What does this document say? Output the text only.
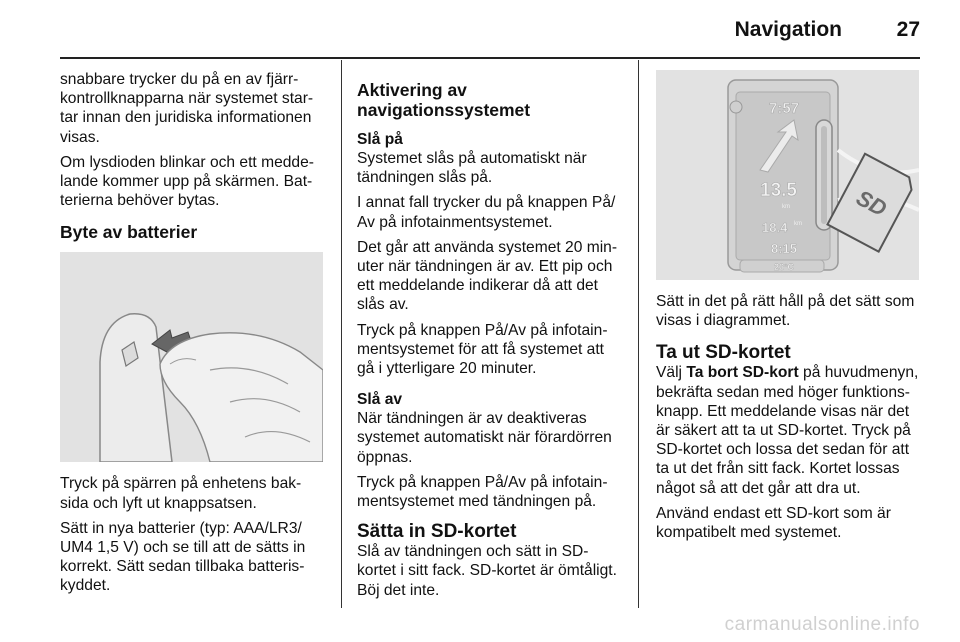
Navigation	27

snabbare trycker du på en av fjärr-kontrollknapparna när systemet star-tar innan den juridiska informationen visas.

Om lysdioden blinkar och ett medde-lande kommer upp på skärmen. Bat-terierna behöver bytas.

Byte av batterier

Tryck på spärren på enhetens bak-sida och lyft ut knappsatsen.

Sätt in nya batterier (typ: AAA/LR3/ UM4 1,5 V) och se till att de sätts in korrekt. Sätt sedan tillbaka batteris-kyddet.

Aktivering av navigationssystemet
Slå på

Systemet slås på automatiskt när tändningen slås på.

I annat fall trycker du på knappen På/ Av på infotainmentsystemet.

Det går att använda systemet 20 min-uter när tändningen är av. Ett pip och ett meddelande indikerar då att det slås av.

Tryck på knappen På/Av på infotain-mentsystemet för att få systemet att gå i ytterligare 20 minuter.

Slå av

När tändningen är av deaktiveras systemet automatiskt när förardörren öppnas.

Tryck på knappen På/Av på infotain-mentsystemet med tändningen på.

Sätta in SD-kortet

Slå av tändningen och sätt in SD-kortet i sitt fack. SD-kortet är ömtåligt. Böj det inte.

7:57
13.5
km
18.4 km
8:15
26°C
SD

Sätt in det på rätt håll på det sätt som visas i diagrammet.

Ta ut SD-kortet

Välj Ta bort SD-kort på huvudmenyn, bekräfta sedan med höger funktions-knapp. Ett meddelande visas när det är säkert att ta ut SD-kortet. Tryck på SD-kortet och lossa det sedan för att ta ut det från sitt fack. Kortet lossas något så att det går att dra ut.

Använd endast ett SD-kort som är kompatibelt med systemet.

carmanualsonline.info
